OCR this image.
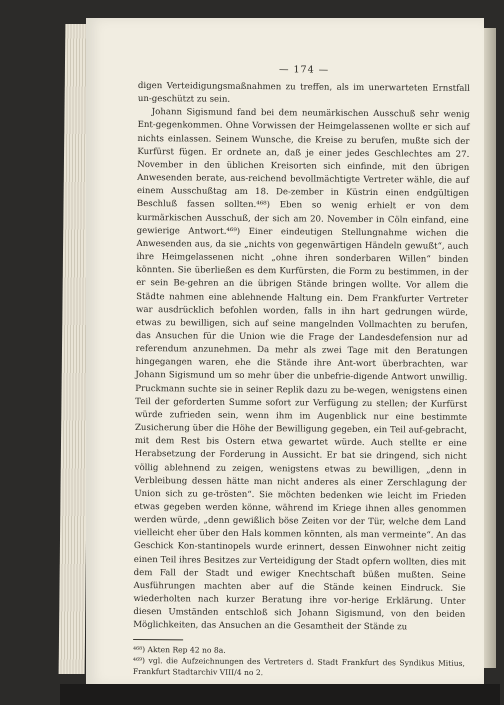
— 174 —

digen Verteidigungsmaßnahmen zu treffen, als im unerwarteten Ernstfall un-geschützt zu sein.

Johann Sigismund fand bei dem neumärkischen Ausschuß sehr wenig Ent-gegenkommen. Ohne Vorwissen der Heimgelassenen wollte er sich auf nichts einlassen. Seinem Wunsche, die Kreise zu berufen, mußte sich der Kurfürst fügen. Er ordnete an, daß je einer jedes Geschlechtes am 27. November in den üblichen Kreisorten sich einfinde, mit den übrigen Anwesenden berate, aus-reichend bevollmächtigte Vertreter wähle, die auf einem Ausschußtag am 18. De-zember in Küstrin einen endgültigen Beschluß fassen sollten.⁴⁶⁸) Eben so wenig erhielt er von dem kurmärkischen Ausschuß, der sich am 20. November in Cöln einfand, eine gewierige Antwort.⁴⁶⁹) Einer eindeutigen Stellungnahme wichen die Anwesenden aus, da sie „nichts von gegenwärtigen Händeln gewußt“, auch ihre Heimgelassenen nicht „ohne ihren sonderbaren Willen“ binden könnten. Sie überließen es dem Kurfürsten, die Form zu bestimmen, in der er sein Be-gehren an die übrigen Stände bringen wollte. Vor allem die Städte nahmen eine ablehnende Haltung ein. Dem Frankfurter Vertreter war ausdrücklich befohlen worden, falls in ihn hart gedrungen würde, etwas zu bewilligen, sich auf seine mangelnden Vollmachten zu berufen, das Ansuchen für die Union wie die Frage der Landesdefension nur ad referendum anzunehmen. Da mehr als zwei Tage mit den Beratungen hingegangen waren, ehe die Stände ihre Ant-wort überbrachten, war Johann Sigismund um so mehr über die unbefrie-digende Antwort unwillig. Pruckmann suchte sie in seiner Replik dazu zu be-wegen, wenigstens einen Teil der geforderten Summe sofort zur Verfügung zu stellen; der Kurfürst würde zufrieden sein, wenn ihm im Augenblick nur eine bestimmte Zusicherung über die Höhe der Bewilligung gegeben, ein Teil auf-gebracht, mit dem Rest bis Ostern etwa gewartet würde. Auch stellte er eine Herabsetzung der Forderung in Aussicht. Er bat sie dringend, sich nicht völlig ablehnend zu zeigen, wenigstens etwas zu bewilligen, „denn in Verbleibung dessen hätte man nicht anderes als einer Zerschlagung der Union sich zu ge-trösten“. Sie möchten bedenken wie leicht im Frieden etwas gegeben werden könne, während im Kriege ihnen alles genommen werden würde, „denn gewißlich böse Zeiten vor der Tür, welche dem Land vielleicht eher über den Hals kommen könnten, als man vermeinte“. An das Geschick Kon-stantinopels wurde erinnert, dessen Einwohner nicht zeitig einen Teil ihres Besitzes zur Verteidigung der Stadt opfern wollten, dies mit dem Fall der Stadt und ewiger Knechtschaft büßen mußten. Seine Ausführungen machten aber auf die Stände keinen Eindruck. Sie wiederholten nach kurzer Beratung ihre vor-herige Erklärung. Unter diesen Umständen entschloß sich Johann Sigismund, von den beiden Möglichkeiten, das Ansuchen an die Gesamtheit der Stände zu

⁴⁶⁸) Akten Rep 42 no 8a.

⁴⁶⁹) vgl. die Aufzeichnungen des Vertreters d. Stadt Frankfurt des Syndikus Mitius, Frankfurt Stadtarchiv VIII/4 no 2.
